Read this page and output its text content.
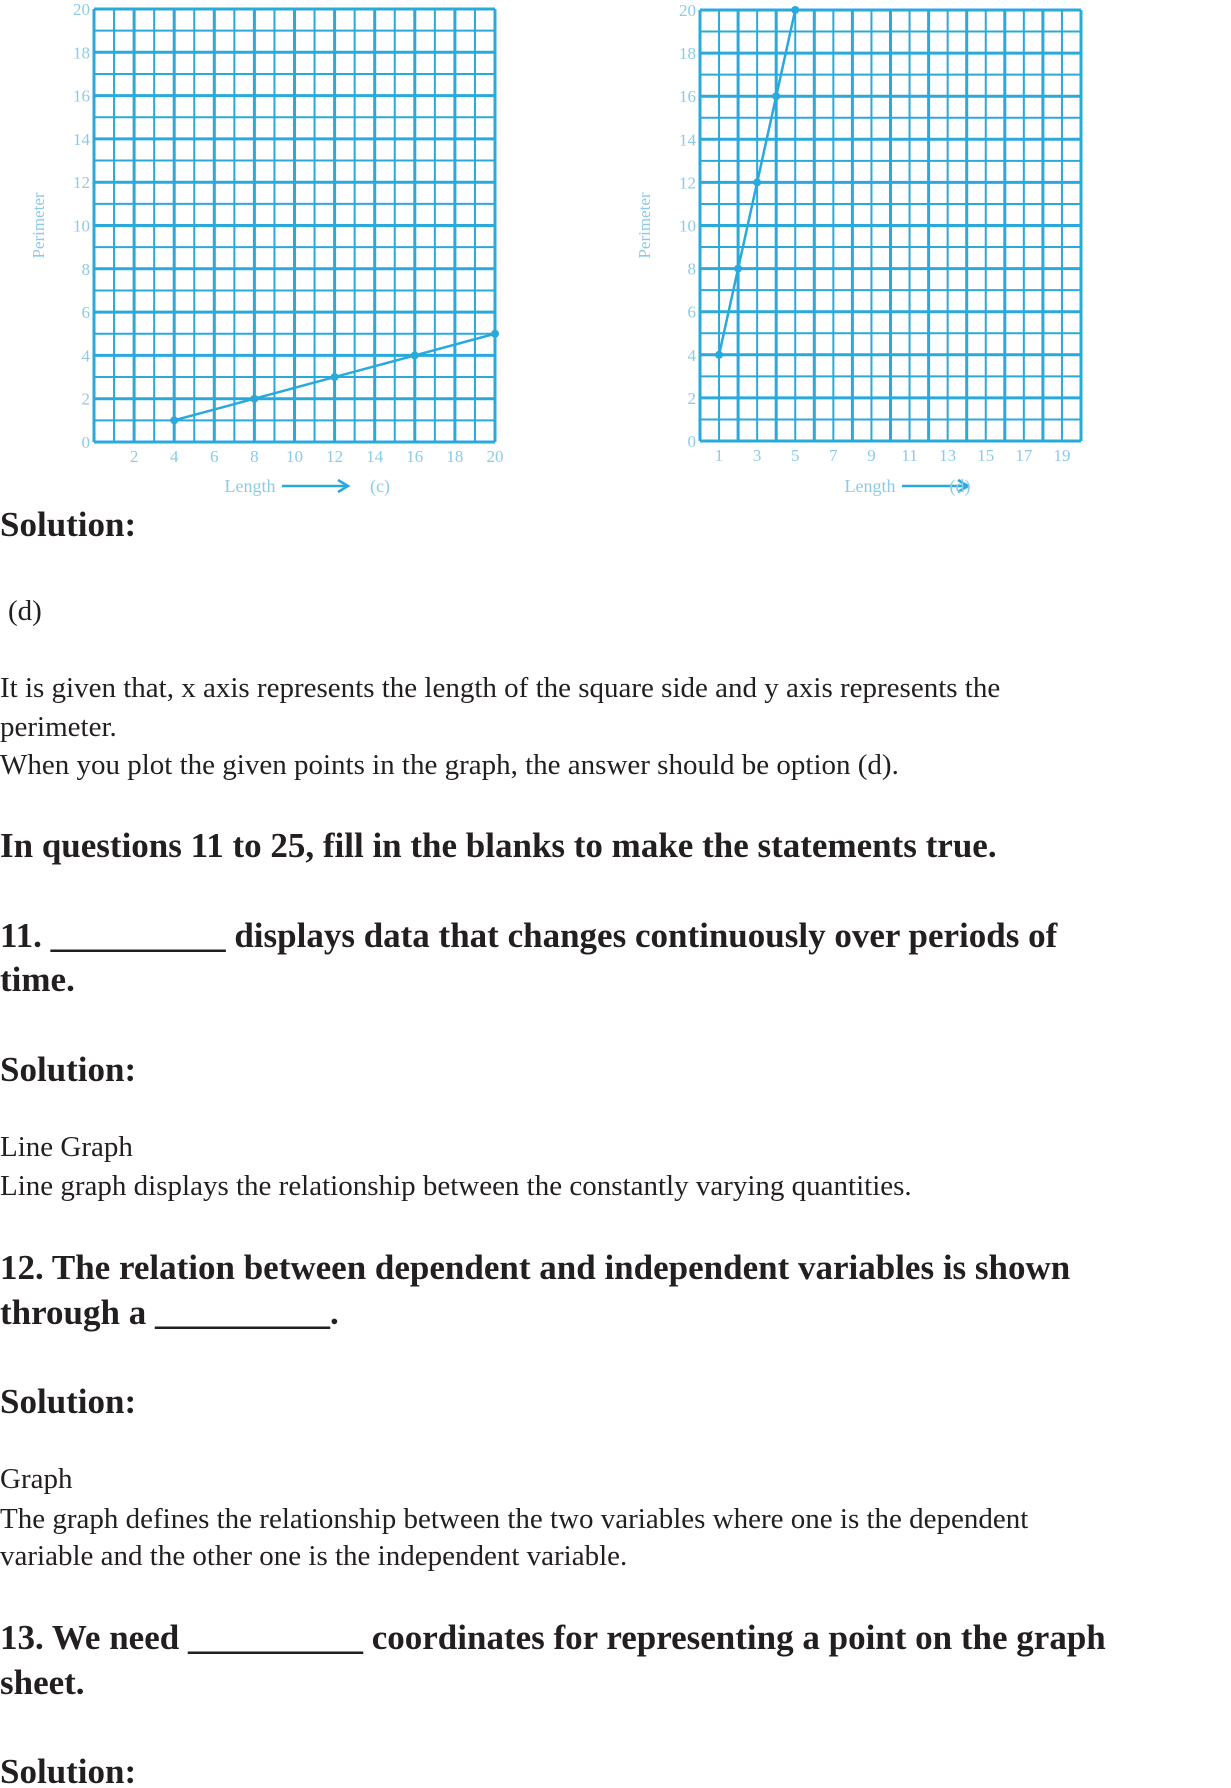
0
2
4
6
8
10
12
14
16
18
20
2 4 6 8 10 12 14 16 18 20
Perimeter
Length	(c)
0
2
4
6
8
10
12
14
16
18
20
1 3 5 7 9 11 13 15 17 19
Perimeter
Length	(d)
Solution:
(d)
It is given that, x axis represents the length of the square side and y axis represents the
perimeter.
When you plot the given points in the graph, the answer should be option (d).
In questions 11 to 25, fill in the blanks to make the statements true.
11. __________ displays data that changes continuously over periods of
time.
Solution:
Line Graph
Line graph displays the relationship between the constantly varying quantities.
12. The relation between dependent and independent variables is shown
through a __________.
Solution:
Graph
The graph defines the relationship between the two variables where one is the dependent
variable and the other one is the independent variable.
13. We need __________ coordinates for representing a point on the graph
sheet.
Solution:
